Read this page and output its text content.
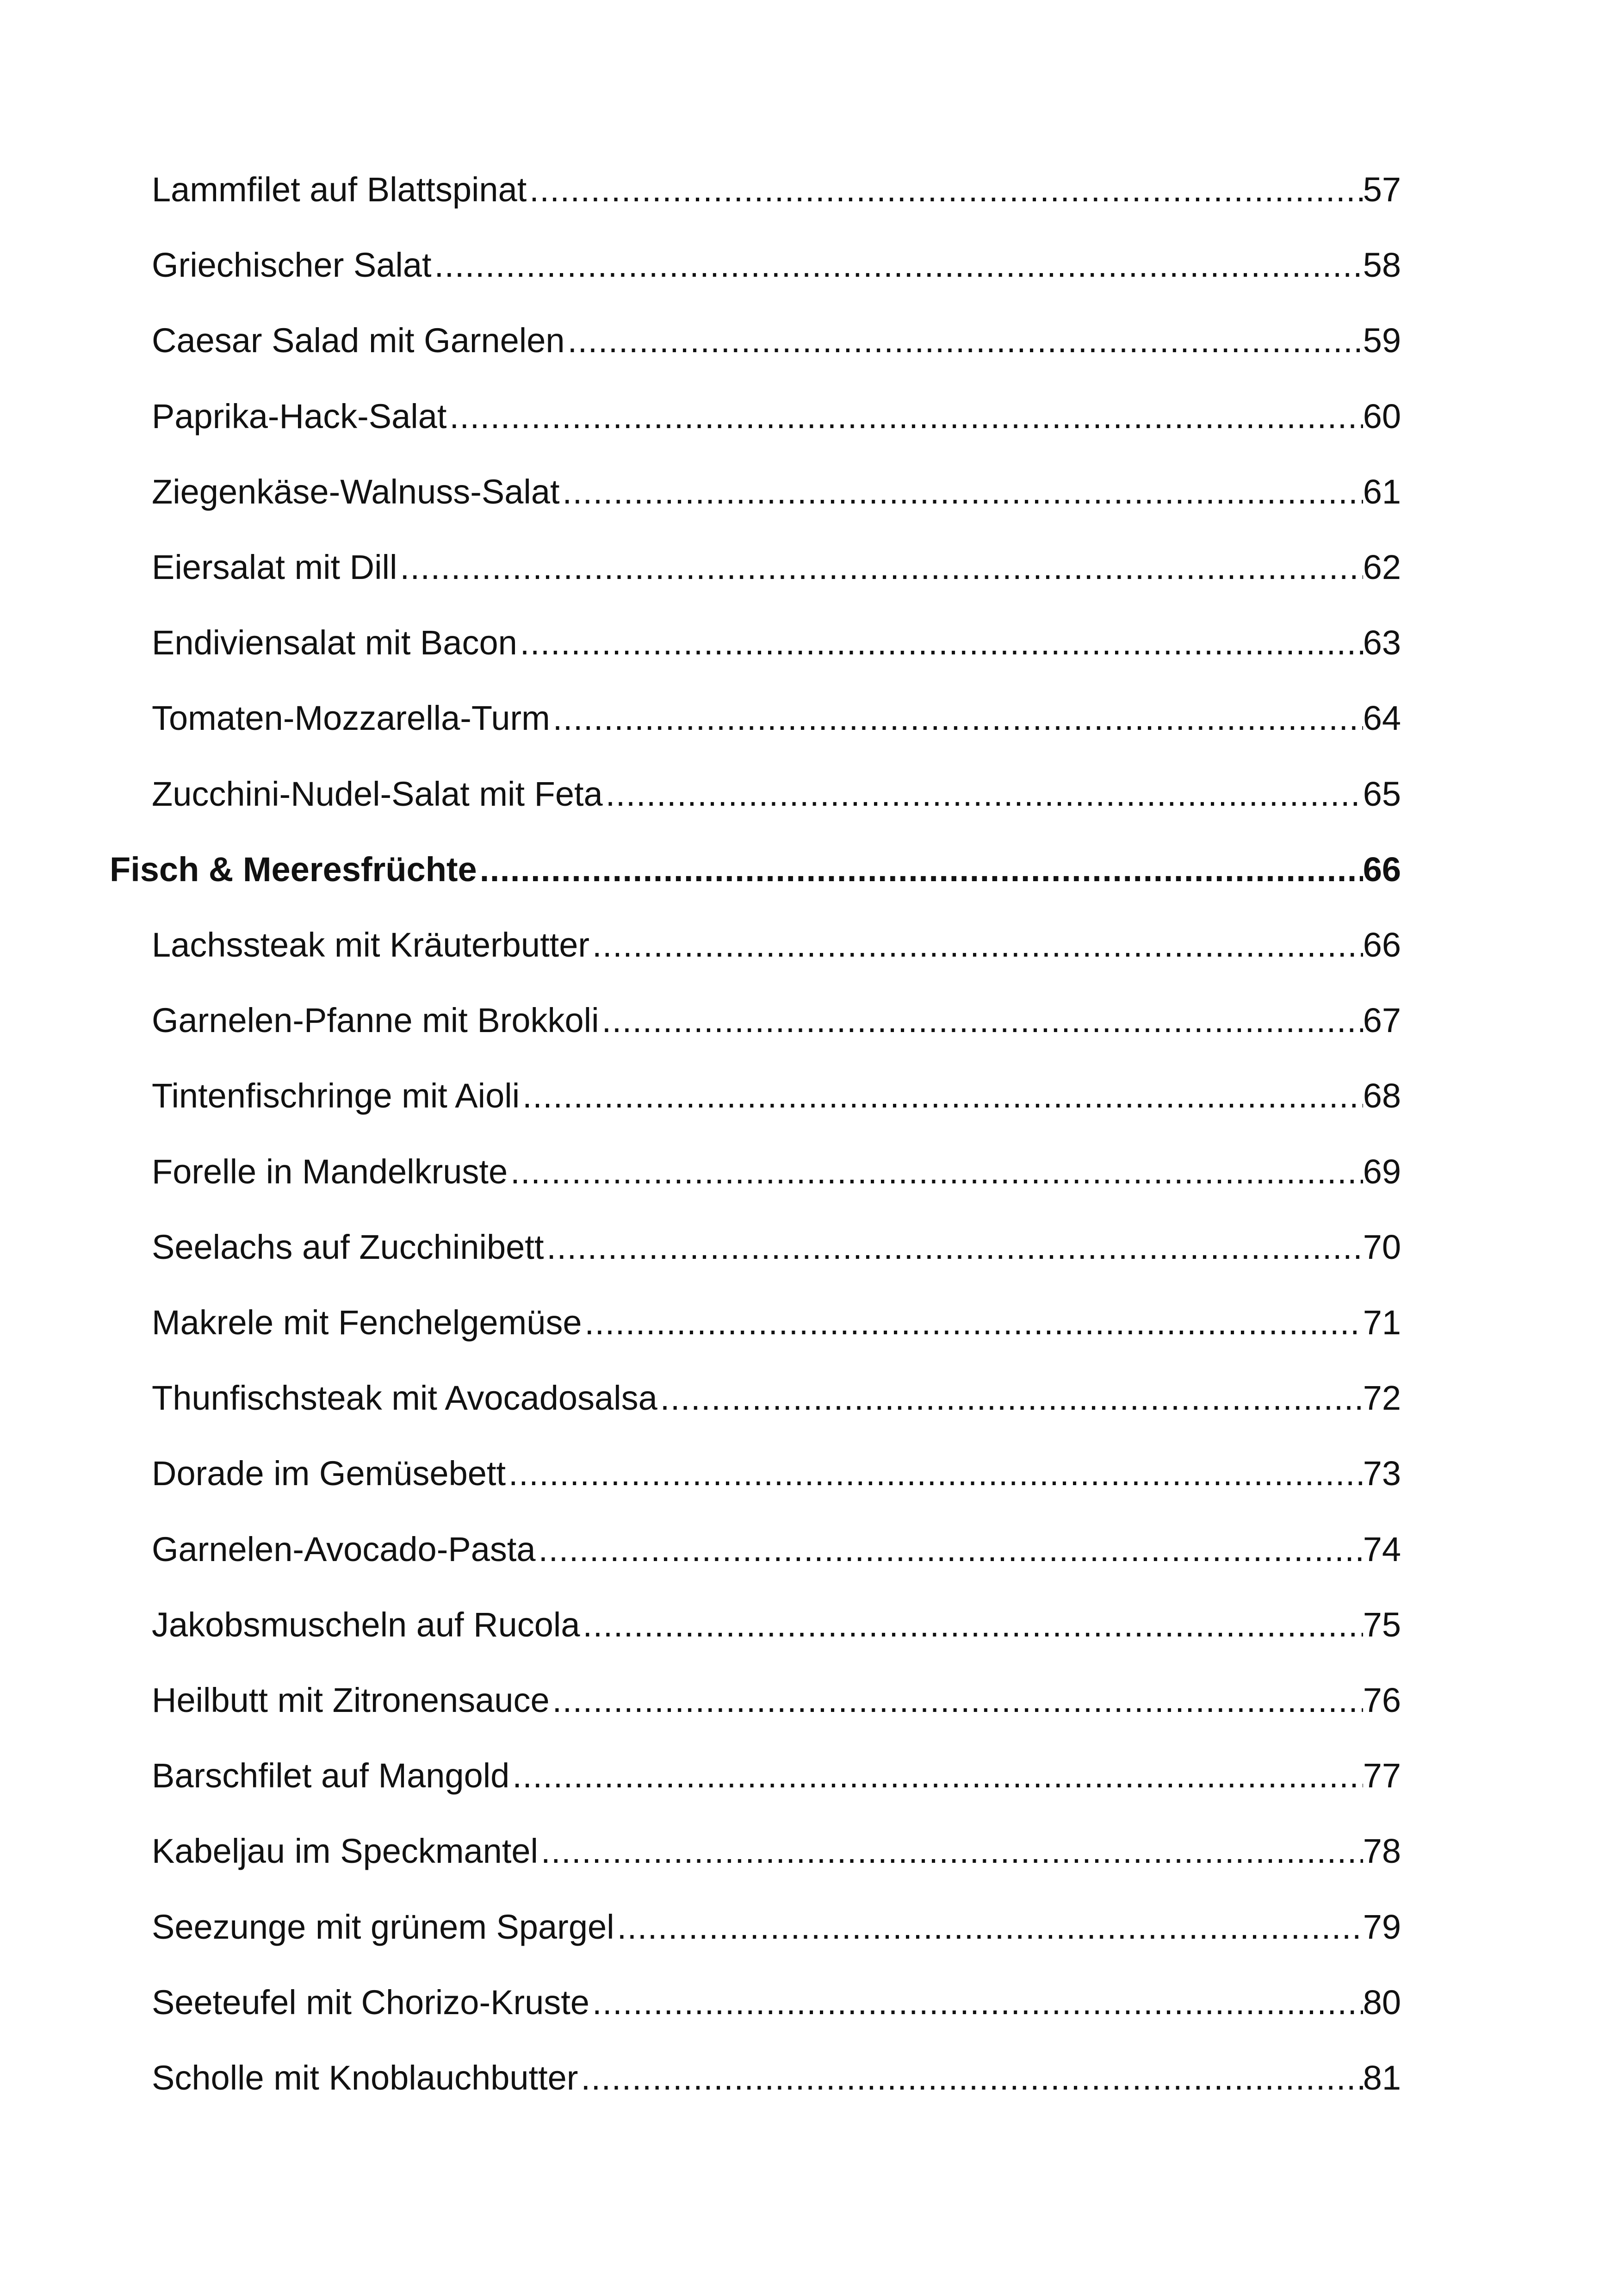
Lammfilet auf Blattspinat .....	57
Griechischer Salat .....	58
Caesar Salad mit Garnelen .....	59
Paprika-Hack-Salat .....	60
Ziegenkäse-Walnuss-Salat .....	61
Eiersalat mit Dill .....	62
Endiviensalat mit Bacon .....	63
Tomaten-Mozzarella-Turm .....	64
Zucchini-Nudel-Salat mit Feta .....	65
Fisch & Meeresfrüchte .....	66
Lachssteak mit Kräuterbutter .....	66
Garnelen-Pfanne mit Brokkoli .....	67
Tintenfischringe mit Aioli .....	68
Forelle in Mandelkruste .....	69
Seelachs auf Zucchinibett .....	70
Makrele mit Fenchelgemüse .....	71
Thunfischsteak mit Avocadosalsa .....	72
Dorade im Gemüsebett .....	73
Garnelen-Avocado-Pasta .....	74
Jakobsmuscheln auf Rucola .....	75
Heilbutt mit Zitronensauce .....	76
Barschfilet auf Mangold .....	77
Kabeljau im Speckmantel .....	78
Seezunge mit grünem Spargel .....	79
Seeteufel mit Chorizo-Kruste .....	80
Scholle mit Knoblauchbutter .....	81
